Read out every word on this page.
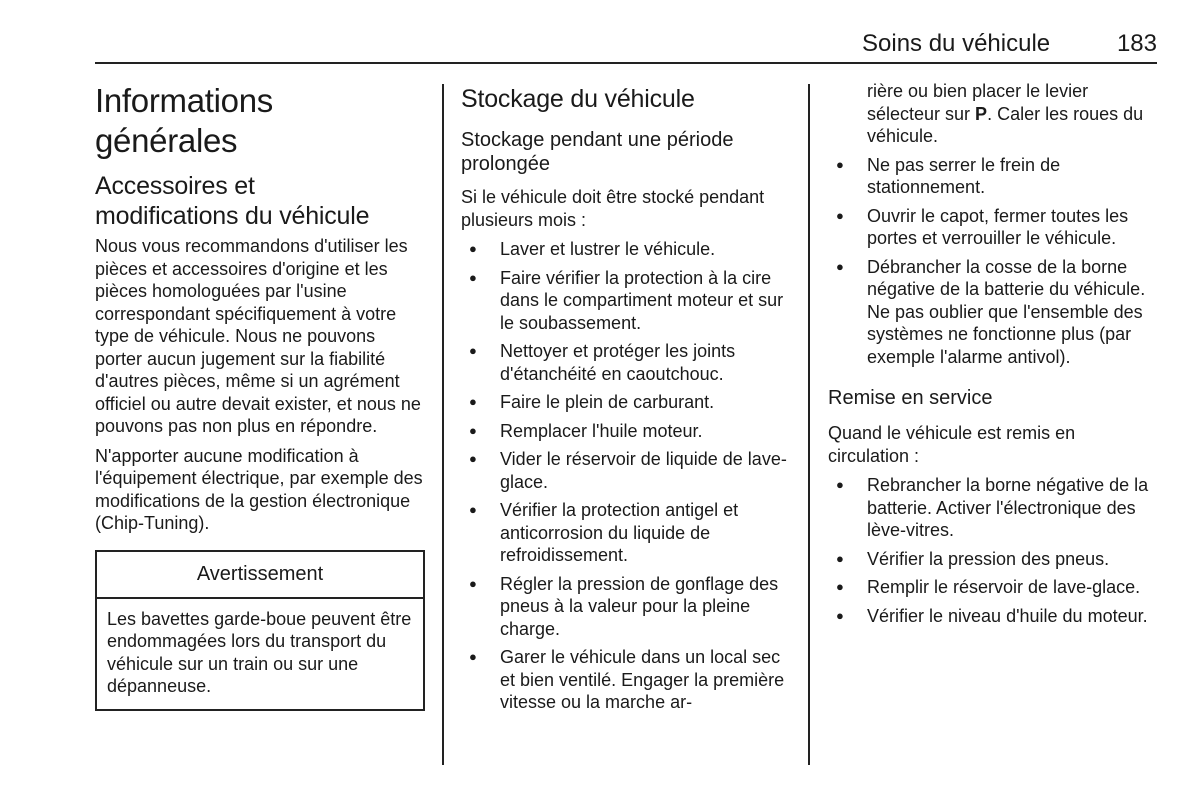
Soins du véhicule	183
Informations générales
Accessoires et
modifications du véhicule

Nous vous recommandons d'utiliser les pièces et accessoires d'origine et les pièces homologuées par l'usine correspondant spécifiquement à votre type de véhicule. Nous ne pouvons porter aucun jugement sur la fiabilité d'autres pièces, même si un agrément officiel ou autre devait exister, et nous ne pouvons pas non plus en répondre.

N'apporter aucune modification à l'équipement électrique, par exemple des modifications de la gestion électronique (Chip-Tuning).

Avertissement
Les bavettes garde-boue peuvent être endommagées lors du transport du véhicule sur un train ou sur une dépanneuse.
Stockage du véhicule
Stockage pendant une période
prolongée

Si le véhicule doit être stocké pendant plusieurs mois :

● Laver et lustrer le véhicule.
● Faire vérifier la protection à la cire dans le compartiment moteur et sur le soubassement.
● Nettoyer et protéger les joints d'étanchéité en caoutchouc.
● Faire le plein de carburant.
● Remplacer l'huile moteur.
● Vider le réservoir de liquide de lave-glace.
● Vérifier la protection antigel et anticorrosion du liquide de refroidissement.
● Régler la pression de gonflage des pneus à la valeur pour la pleine charge.
● Garer le véhicule dans un local sec et bien ventilé. Engager la première vitesse ou la marche ar-

rière ou bien placer le levier sélecteur sur P. Caler les roues du véhicule.

● Ne pas serrer le frein de stationnement.
● Ouvrir le capot, fermer toutes les portes et verrouiller le véhicule.
● Débrancher la cosse de la borne négative de la batterie du véhicule. Ne pas oublier que l'ensemble des systèmes ne fonctionne plus (par exemple l'alarme antivol).
Remise en service

Quand le véhicule est remis en circulation :

● Rebrancher la borne négative de la batterie. Activer l'électronique des lève-vitres.
● Vérifier la pression des pneus.
● Remplir le réservoir de lave-glace.
● Vérifier le niveau d'huile du moteur.
